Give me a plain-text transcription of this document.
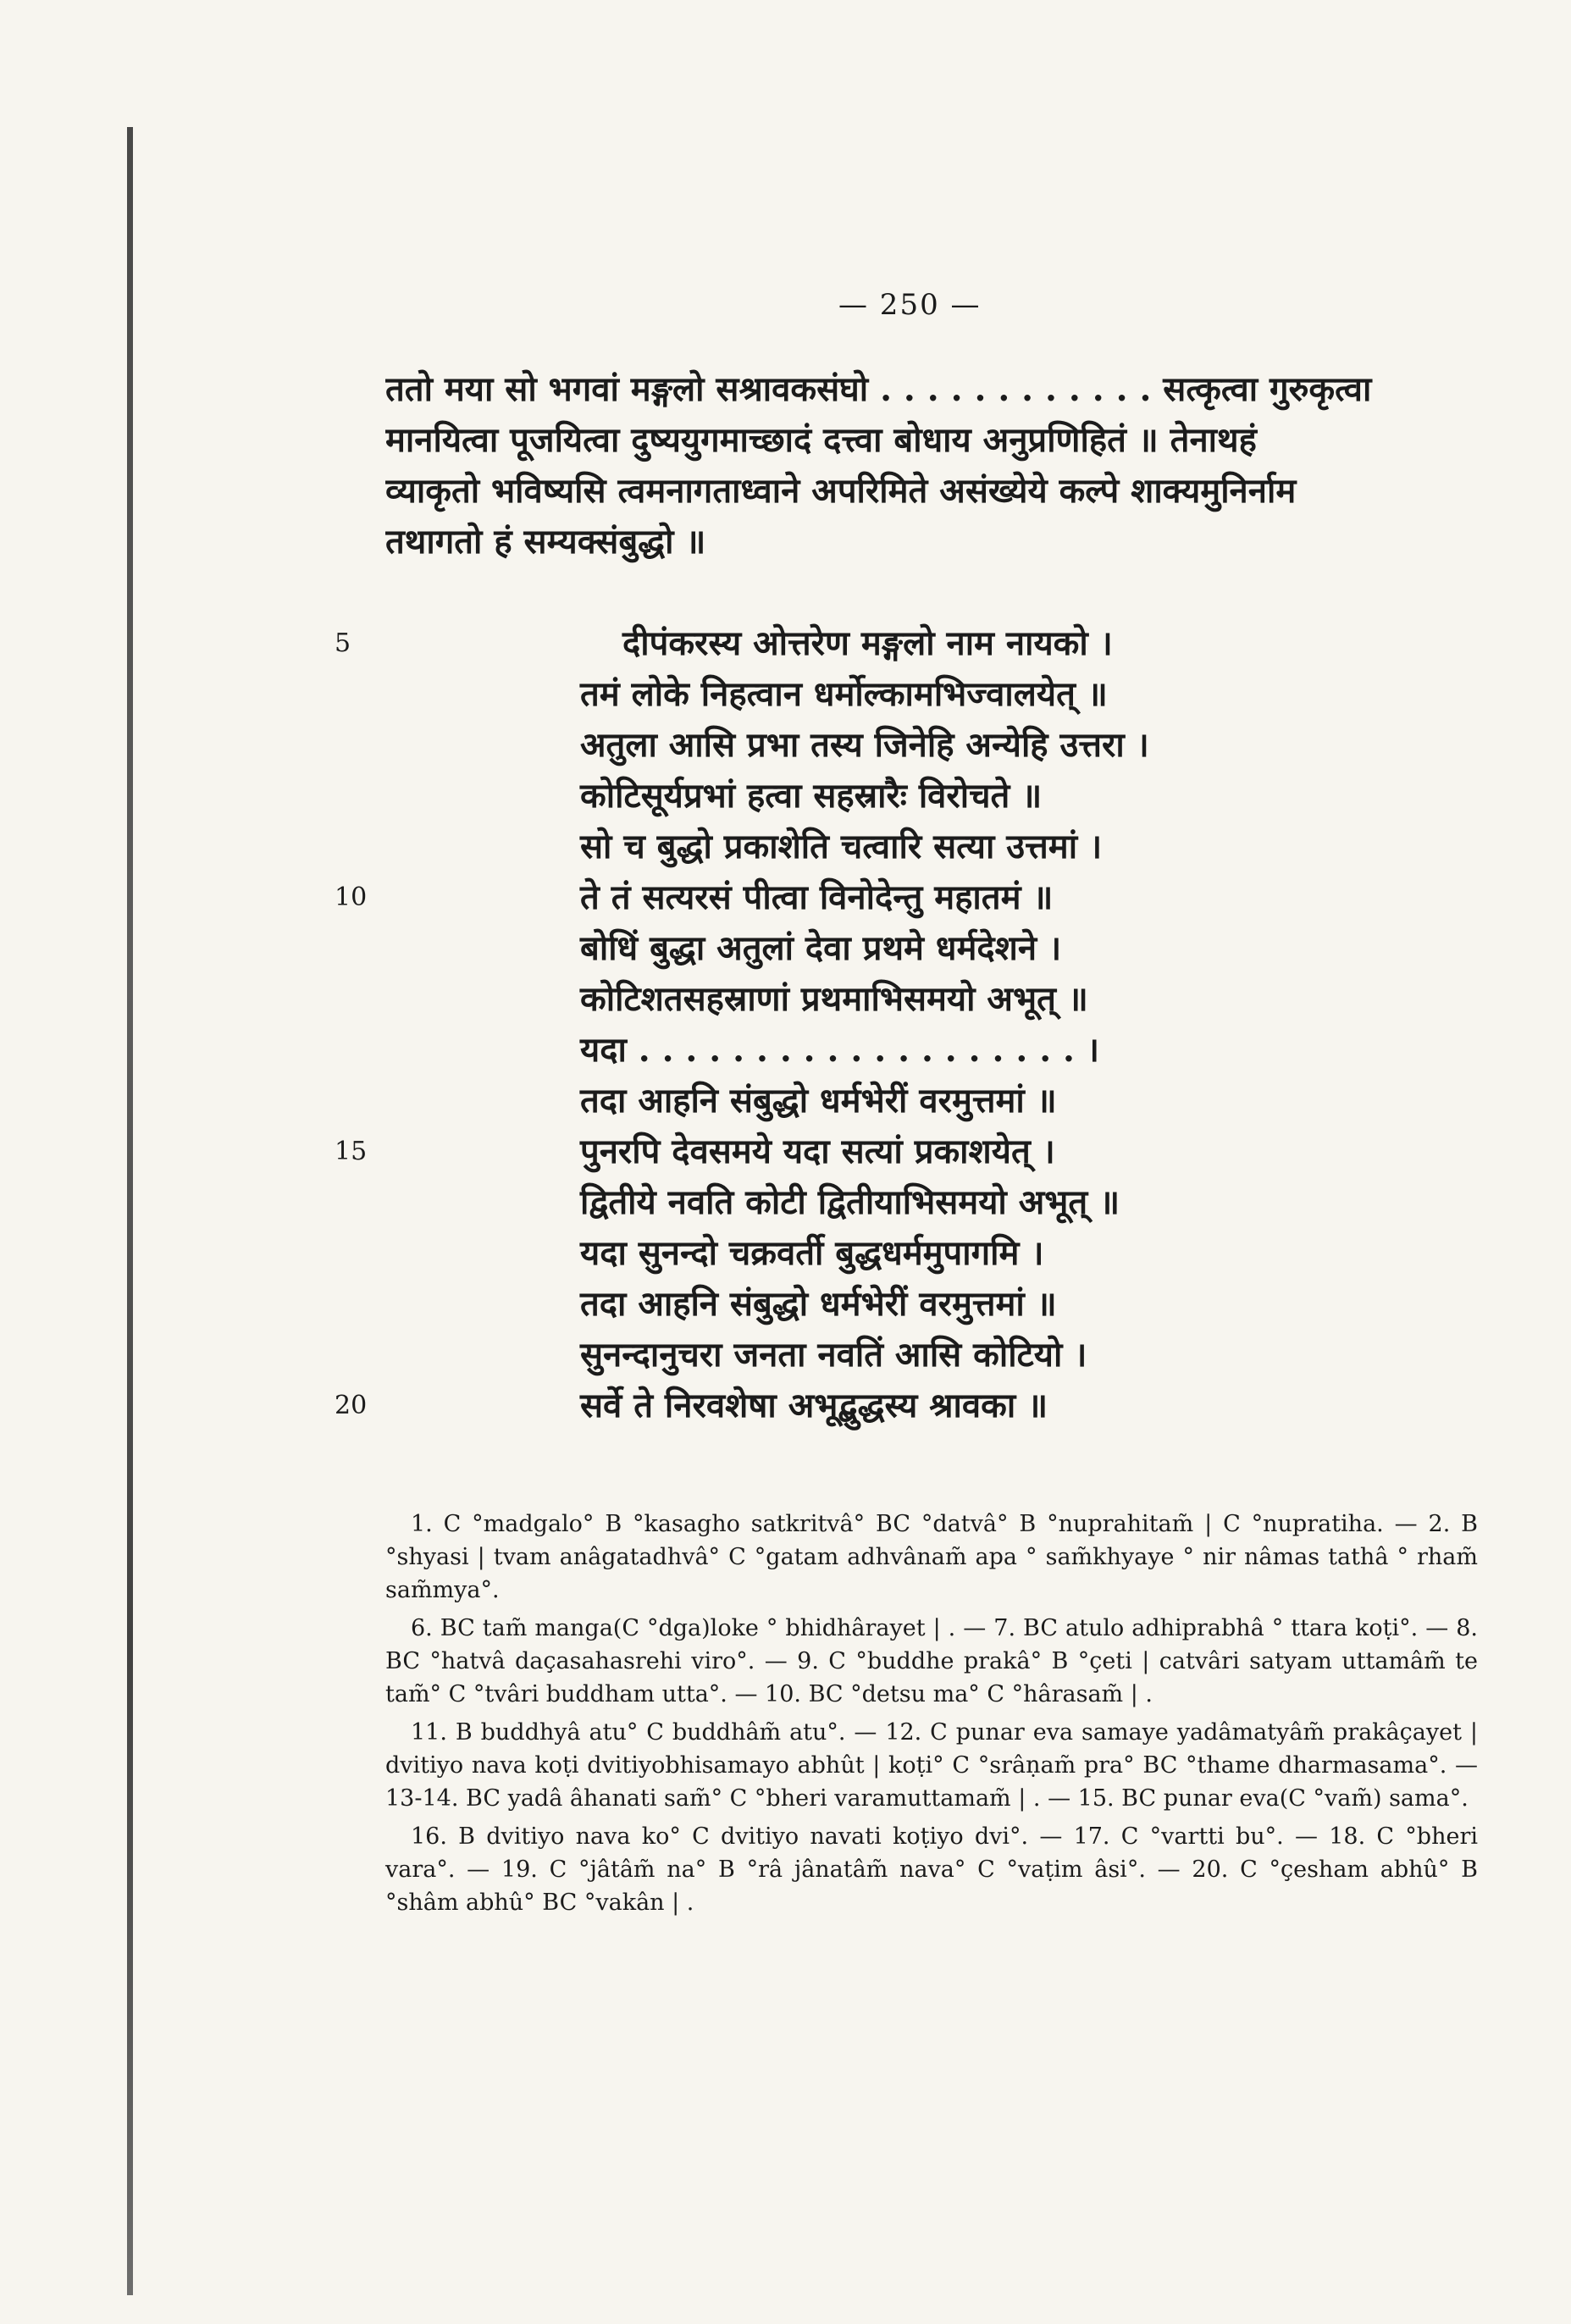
— 250 —
ततो मया सो भगवां मङ्गलो सश्रावकसंघो . . . . . . . . . . . . सत्कृत्वा गुरुकृत्वा
मानयित्वा पूजयित्वा दुष्ययुगमाच्छादं दत्त्वा बोधाय अनुप्रणिहितं ॥ तेनाथहं
व्याकृतो भविष्यसि त्वमनागताध्वाने अपरिमिते असंख्येये कल्पे शाक्यमुनिर्नाम
तथागतो हं सम्यक्संबुद्धो ॥
5	दीपंकरस्य ओत्तरेण मङ्गलो नाम नायको ।
तमं लोके निहत्वान धर्मोल्कामभिज्वालयेत् ॥
अतुला आसि प्रभा तस्य जिनेहि अन्येहि उत्तरा ।
कोटिसूर्यप्रभां हत्वा सहस्रारैः विरोचते ॥
सो च बुद्धो प्रकाशेति चत्वारि सत्या उत्तमां ।
10	ते तं सत्यरसं पीत्वा विनोदेन्तु महातमं ॥
बोधिं बुद्धा अतुलां देवा प्रथमे धर्मदेशने ।
कोटिशतसहस्राणां प्रथमाभिसमयो अभूत् ॥
यदा . . . . . . . . . . . . . . . . . . . ।
तदा आहनि संबुद्धो धर्मभेरीं वरमुत्तमां ॥
15	पुनरपि देवसमये यदा सत्यां प्रकाशयेत् ।
द्वितीये नवति कोटी द्वितीयाभिसमयो अभूत् ॥
यदा सुनन्दो चक्रवर्ती बुद्धधर्ममुपागमि ।
तदा आहनि संबुद्धो धर्मभेरीं वरमुत्तमां ॥
सुनन्दानुचरा जनता नवतिं आसि कोटियो ।
20	सर्वे ते निरवशेषा अभूद्बुद्धस्य श्रावका ॥

1. C °madgalo° B °kasagho satkritvâ° BC °datvâ° B °nuprahitam̃ | C °nupratiha. — 2. B °shyasi | tvam anâgatadhvâ° C °gatam adhvânam̃ apa ° sam̃khyaye ° nir nâmas tathâ ° rham̃ sam̃mya°.

6. BC tam̃ manga(C °dga)loke ° bhidhârayet | . — 7. BC atulo adhiprabhâ ° ttara koṭi°. — 8. BC °hatvâ daçasahasrehi viro°. — 9. C °buddhe prakâ° B °çeti | catvâri satyam uttamâm̃ te tam̃° C °tvâri buddham utta°. — 10. BC °detsu ma° C °hârasam̃ | .

11. B buddhyâ atu° C buddhâm̃ atu°. — 12. C punar eva samaye yadâmatyâm̃ prakâçayet | dvitiyo nava koṭi dvitiyobhisamayo abhût | koṭi° C °srâṇam̃ pra° BC °thame dharmasama°. — 13-14. BC yadâ âhanati sam̃° C °bheri varamuttamam̃ | . — 15. BC punar eva(C °vam̃) sama°.

16. B dvitiyo nava ko° C dvitiyo navati koṭiyo dvi°. — 17. C °vartti bu°. — 18. C °bheri vara°. — 19. C °jâtâm̃ na° B °râ jânatâm̃ nava° C °vaṭim âsi°. — 20. C °çesham abhû° B °shâm abhû° BC °vakân | .
